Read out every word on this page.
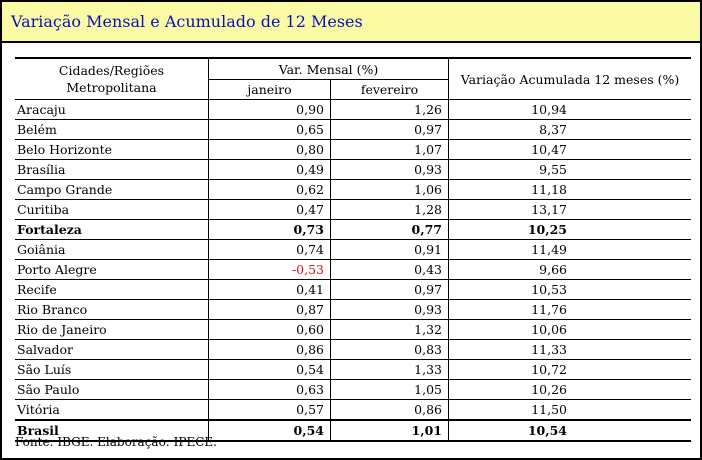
Variação Mensal e Acumulado de 12 Meses
Cidades/Regiões
Metropolitana	Var. Mensal (%)		Variação Acumulada 12 meses (%)
	janeiro	fevereiro	
Aracaju	0,90	1,26	10,94
Belém	0,65	0,97	8,37
Belo Horizonte	0,80	1,07	10,47
Brasília	0,49	0,93	9,55
Campo Grande	0,62	1,06	11,18
Curitiba	0,47	1,28	13,17
Fortaleza	0,73	0,77	10,25
Goiânia	0,74	0,91	11,49
Porto Alegre	-0,53	0,43	9,66
Recife	0,41	0,97	10,53
Rio Branco	0,87	0,93	11,76
Rio de Janeiro	0,60	1,32	10,06
Salvador	0,86	0,83	11,33
São Luís	0,54	1,33	10,72
São Paulo	0,63	1,05	10,26
Vitória	0,57	0,86	11,50
Brasil	0,54	1,01	10,54
Fonte: IBGE. Elaboração: IPECE.
